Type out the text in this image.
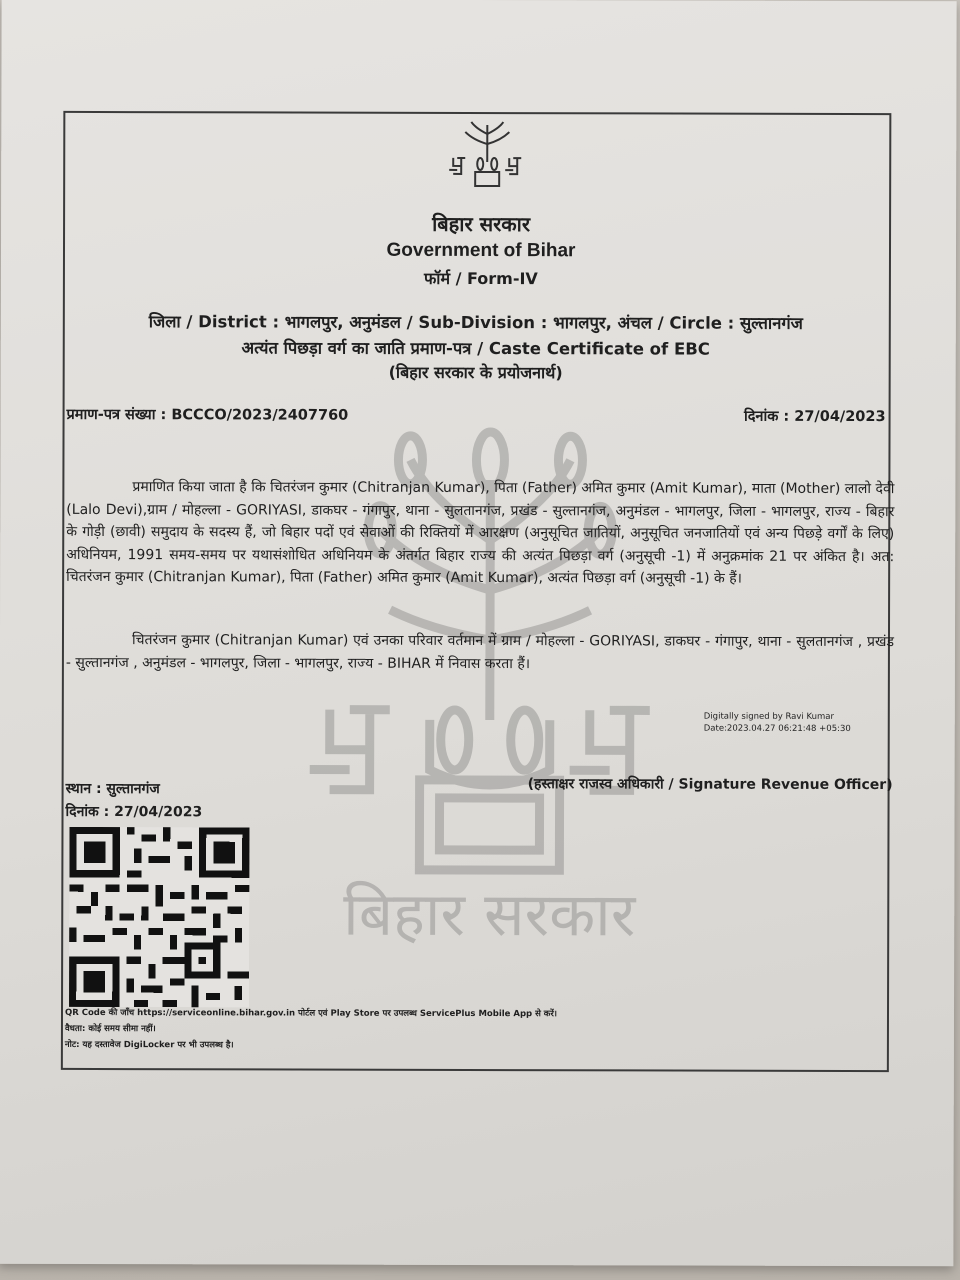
बिहार सरकार
बिहार सरकार
Government of Bihar
फॉर्म / Form-IV
जिला / District : भागलपुर, अनुमंडल / Sub-Division : भागलपुर, अंचल / Circle : सुल्तानगंज
अत्यंत पिछड़ा वर्ग का जाति प्रमाण-पत्र / Caste Certificate of EBC
(बिहार सरकार के प्रयोजनार्थ)
प्रमाण-पत्र संख्या : BCCCO/2023/2407760	दिनांक : 27/04/2023
प्रमाणित किया जाता है कि चितरंजन कुमार (Chitranjan Kumar), पिता (Father) अमित कुमार (Amit Kumar), माता (Mother) लालो देवी (Lalo Devi),ग्राम / मोहल्ला - GORIYASI, डाकघर - गंगापुर, थाना - सुलतानगंज, प्रखंड - सुल्तानगंज, अनुमंडल - भागलपुर, जिला - भागलपुर, राज्य - बिहार के गोड़ी (छावी) समुदाय के सदस्य हैं, जो बिहार पदों एवं सेवाओं की रिक्तियों में आरक्षण (अनुसूचित जातियों, अनुसूचित जनजातियों एवं अन्य पिछड़े वर्गों के लिए) अधिनियम, 1991 समय-समय पर यथासंशोधित अधिनियम के अंतर्गत बिहार राज्य की अत्यंत पिछड़ा वर्ग (अनुसूची -1) में अनुक्रमांक 21 पर अंकित है। अत: चितरंजन कुमार (Chitranjan Kumar), पिता (Father) अमित कुमार (Amit Kumar), अत्यंत पिछड़ा वर्ग (अनुसूची -1) के हैं।
चितरंजन कुमार (Chitranjan Kumar) एवं उनका परिवार वर्तमान में ग्राम / मोहल्ला - GORIYASI, डाकघर - गंगापुर, थाना - सुलतानगंज , प्रखंड - सुल्तानगंज , अनुमंडल - भागलपुर, जिला - भागलपुर, राज्य - BIHAR में निवास करता हैं।
Digitally signed by Ravi Kumar
Date:2023.04.27 06:21:48 +05:30
स्थान : सुल्तानगंज
दिनांक : 27/04/2023
(हस्ताक्षर राजस्व अधिकारी / Signature Revenue Officer)
QR Code की जाँच https://serviceonline.bihar.gov.in पोर्टल एवं Play Store पर उपलब्ध ServicePlus Mobile App से करें।
वैधता: कोई समय सीमा नहीं।
नोट: यह दस्तावेज DigiLocker पर भी उपलब्ध है।
